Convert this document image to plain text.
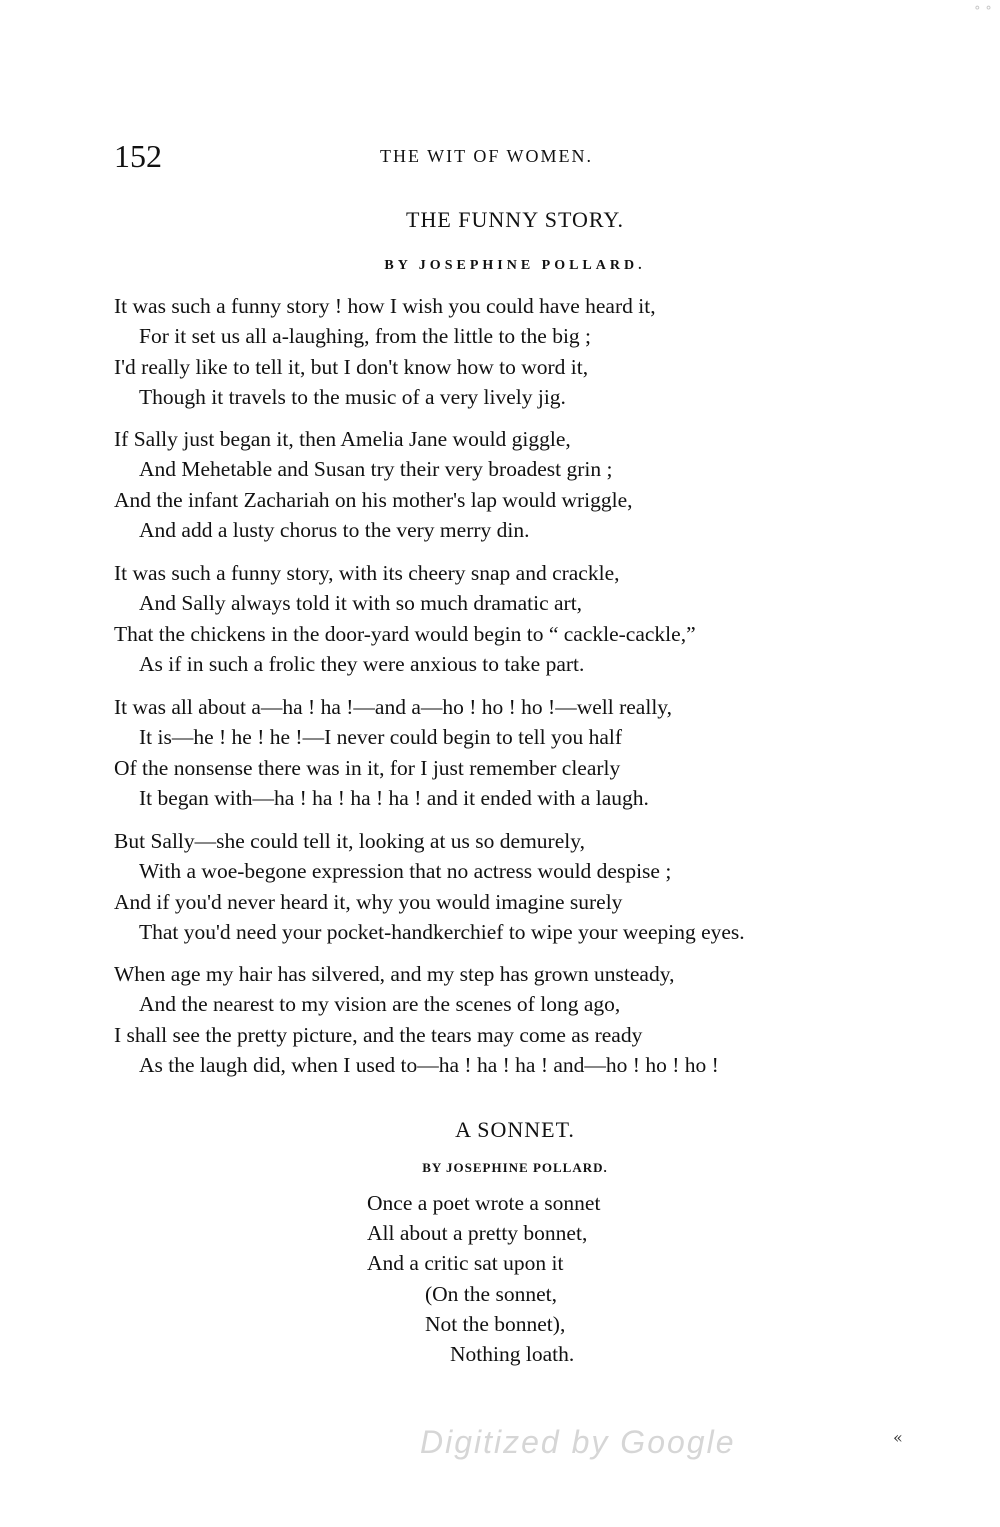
∘ ∘
152	THE WIT OF WOMEN.
THE FUNNY STORY.
BY JOSEPHINE POLLARD.
It was such a funny story ! how I wish you could have heard it,
For it set us all a-laughing, from the little to the big ;
I'd really like to tell it, but I don't know how to word it,
Though it travels to the music of a very lively jig.
If Sally just began it, then Amelia Jane would giggle,
And Mehetable and Susan try their very broadest grin ;
And the infant Zachariah on his mother's lap would wriggle,
And add a lusty chorus to the very merry din.
It was such a funny story, with its cheery snap and crackle,
And Sally always told it with so much dramatic art,
That the chickens in the door-yard would begin to “ cackle-cackle,”
As if in such a frolic they were anxious to take part.
It was all about a—ha ! ha !—and a—ho ! ho ! ho !—well really,
It is—he ! he ! he !—I never could begin to tell you half
Of the nonsense there was in it, for I just remember clearly
It began with—ha ! ha ! ha ! ha ! and it ended with a laugh.
But Sally—she could tell it, looking at us so demurely,
With a woe-begone expression that no actress would despise ;
And if you'd never heard it, why you would imagine surely
That you'd need your pocket-handkerchief to wipe your weeping eyes.
When age my hair has silvered, and my step has grown unsteady,
And the nearest to my vision are the scenes of long ago,
I shall see the pretty picture, and the tears may come as ready
As the laugh did, when I used to—ha ! ha ! ha ! and—ho ! ho ! ho !
A SONNET.
BY JOSEPHINE POLLARD.
Once a poet wrote a sonnet
All about a pretty bonnet,
And a critic sat upon it
(On the sonnet,
Not the bonnet),
Nothing loath.
Digitized by Google	«
